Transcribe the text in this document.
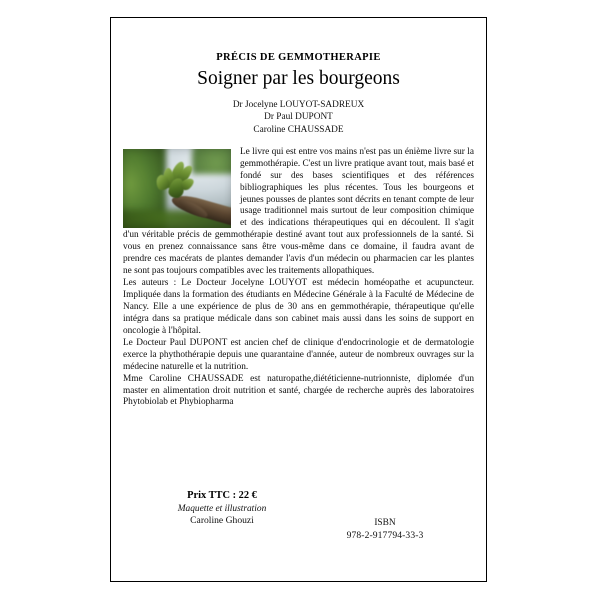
PRÉCIS DE GEMMOTHERAPIE
Soigner par les bourgeons
Dr Jocelyne LOUYOT-SADREUX
Dr Paul DUPONT
Caroline CHAUSSADE

Le livre qui est entre vos mains n'est pas un énième livre sur la gemmothérapie. C'est un livre pratique avant tout, mais basé et fondé sur des bases scientifiques et des références bibliographiques les plus récentes. Tous les bourgeons et jeunes pousses de plantes sont décrits en tenant compte de leur usage traditionnel mais surtout de leur composition chimique et des indications thérapeutiques qui en découlent. Il s'agit d'un véritable précis de gemmothérapie destiné avant tout aux professionnels de la santé. Si vous en prenez connaissance sans être vous-même dans ce domaine, il faudra avant de prendre ces macérats de plantes demander l'avis d'un médecin ou pharmacien car les plantes ne sont pas toujours compatibles avec les traitements allopathiques.

Les auteurs : Le Docteur Jocelyne LOUYOT est médecin homéopathe et acupuncteur. Impliquée dans la formation des étudiants en Médecine Générale à la Faculté de Médecine de Nancy. Elle a une expérience de plus de 30 ans en gemmothérapie, thérapeutique qu'elle intégra dans sa pratique médicale dans son cabinet mais aussi dans les soins de support en oncologie à l'hôpital.

Le Docteur Paul DUPONT est ancien chef de clinique d'endocrinologie et de dermatologie exerce la phythothérapie depuis une quarantaine d'année, auteur de nombreux ouvrages sur la médecine naturelle et la nutrition.

Mme Caroline CHAUSSADE est naturopathe,diététicienne-nutrionniste, diplomée d'un master en alimentation droit nutrition et santé, chargée de recherche auprès des laboratoires Phytobiolab et Phybiopharma

Prix TTC : 22 €
Maquette et illustration
Caroline Ghouzi	ISBN
978-2-917794-33-3
